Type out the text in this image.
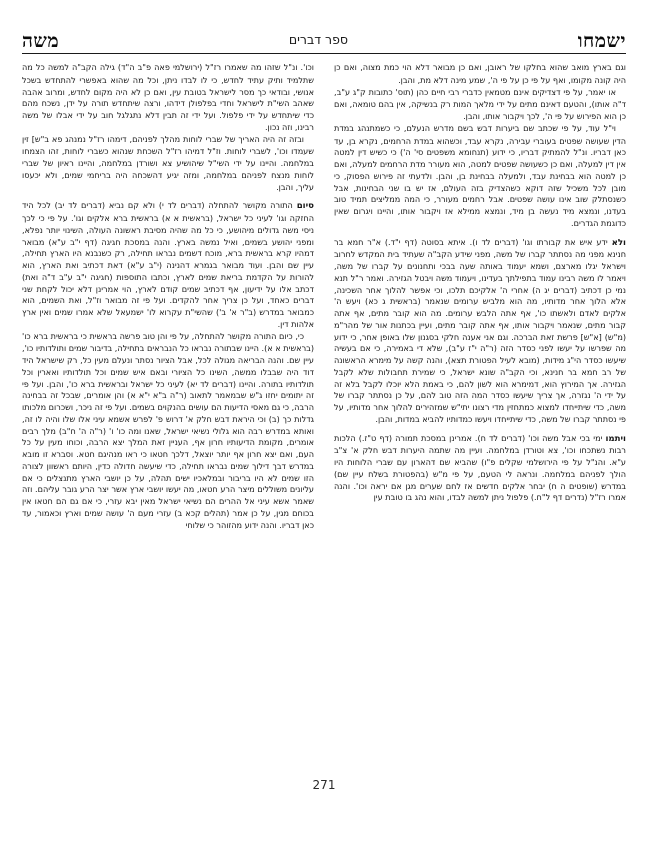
ישמחו
ספר דברים
משה

וגם בארץ מואב שהוא בחלקו של ראובן, ואם כן מבואר דלא הוי כמת מצוה, ואם כן היה קונה מקומו, ואף על פי כן על פי ה', שמע מינה דלא מת, והבן.

או יאמר, על פי דצדיקים אינם מטמאין כדברי רבי חיים כהן (תוס' כתובות ק"ג ע"ב, ד"ה אותו), והטעם דאינם מתים על ידי מלאך המות רק בנשיקה, אין בהם טומאה, ואם כן הוא הפירוש על פי ה', לכך ויקבור אותו, והבן.

וי"ל עוד, על פי שכתב שם ביערות דבש בשם מדרש הנעלם, כי כשמתנהג במדת הדין שעושה שפטים בעוברי עבירה, נקרא עבד, וכשהוא במדת הרחמים, נקרא בן, עד כאן דבריו. ונ"ל להמתיק דבריו, כי ידוע (תנחומא משפטים סי' ה') כי כשיש דין למטה אין דין למעלה, ואם כן כשעושה שפטים למטה, הוא מעורר מדת הרחמים למעלה, ואם כן למטה הוא בבחינת עבד, ולמעלה בבחינת בן, והבן. ולדעתי זה פירוש הפסוק, כי מובן לכל משכיל שזה דוקא כשהצדיק בזה העולם, אז יש בו שני הבחינות, אבל כשנסתלק שוב אינו עושה שפטים. אבל רחמים מעורר, כי המה ממליצים תמיד טוב בעדנו, ונמצא מיד נעשה בן מיד, ונמצא ממילא אז ויקבור אותו, והיינו ויגרום שאין כדוגמת הגדרים.

ולא ידע איש את קבורתו וגו' (דברים לד ו). איתא בסוטה (דף י"ד.) א"ר חמא בר חנינא מפני מה נסתתר קברו של משה, מפני שידע הקב"ה שעתיד בית המקדש לחרוב וישראל יגלו מארצם, ושמא יעמוד באותה שעה בבכי ותחנונים על קברו של משה, ויאמר לו משה רבינו עמוד בתפילתך בעדינו, ויעמוד משה ויבטל הגזירה. ואמר ר"ל תנא נמי כן דכתיב (דברים יג ה) אחרי ה' אלקיכם תלכו, וכי אפשר להלוך אחר השכינה, אלא הלוך אחר מדותיו, מה הוא מלביש ערומים שנאמר (בראשית ג כא) ויעש ה' אלקים לאדם ולאשתו כו', אף אתה הלבש ערומים. מה הוא קובר מתים, אף אתה קבור מתים, שנאמר ויקבור אותו, אף אתה קובר מתים, ועיין בכתנות אור של מהר"מ (מ"ש) [א"ש] פרשת זאת הברכה. וגם אני אענה חלקי בסגנון שלו באופן אחר, כי ידוע מה שפרשו על יעשו לפני כסדר הזה (ר"ה י"ז ע"ב), שלא די באמירה, כי אם בעשיה שיעשו כסדר הי"ג מידות, (מובא לעיל הפטורת תצא), והנה קשה על מימרא הראשונה של רב חמא בר חנינא, וכי הקב"ה שונא ישראל, כי שמירת תחבולות שלא לקבל הגזירה. אך המירוץ הוא, דמימרא הוא לשון להם, כי באמת הלא יוכלו לקבל בלא זה על ידי ה' נגזרה, אך צריך שיעשו כסדר המה הזה טוב להם, על כן נסתתר קברו של משה, כדי שיתייחדו למצוא כמתחזין מדי רצונו יתי"ש שמזהירים להלוך אחר מדותיו, על פי נסתתר קברו של משה, כדי שיתייחדו ויעשו כמדותיו להביא במדות, והבן.

ויתמו ימי בכי אבל משה וכו' (דברים לד ח). אמרינן במסכת תמורה (דף ט"ז.) הלכות רבות נשתכחו וכו', צא וטורדן במלחמה. ועיין מה שתמה היערות דבש חלק א' צ"ב ע"א. והנ"ל על פי הירושלמי שקלים פ"ו) שהביא שם דהארון עם שברי הלוחות היו הולך לפניהם במלחמה. ונראה לי הטעם, על פי מ"ש (בהפטורת בשלח עיין שם) במדרש (שופטים ה ח) יבחר אלקים חדשים אז לחם שערים מגן אם יראה וכו'. והנה אמרו רז"ל (נדרים דף ל"ח.) פלפול ניתן למשה לבדו, והוא נהג בו טובת עין

וכו'. ונ"ל שזהו מה שאמרו רז"ל (ירושלמי פאה פ"ב ה"ד) גילה הקב"ה למשה כל מה שתלמיד ותיק עתיד לחדש, כי לו לבדו ניתן, וכל מה שהוא באפשרי להתחדש בשכל אנושי, ובודאי כך מסר לישראל בטובת עין, ואם כן לא היה מקום לחדש, ומרוב אהבה שאהב השי"ת לישראל וחדי בפלפולן דידהו, ורצה שיתחדש תורה על ידן, נשכח מהם כדי שיתחדש על ידי פלפול. ועל ידי זה תבין דלא נתגלגל חוב על ידי אבלו של משה רבינו, וזה נכון.

ובזה זה היה האריך של שברי לוחות מהלך לפניהם, דימהו רז"ל נמנהג פא ב"ש] זין שעמדו וכו', לשברי לוחות. וז"ל דמיהו רז"ל השכחת שנהוא כשברי לוחות, זהו הצמחו במלחמה. והיינו על ידי השי"ל שיהושיע צא ושורדן במלחמה, והיינו ראיון של שברי לוחות מנצח לפניהם במלחמה, ומזה יגיע דהשכחה היה בריחמי שמים, ולא יכעסו עליך, והבן.

סיום התורה מקושר להתחלה (דברים לד י) ולא קם נביא (דברים לד יב) לכל היד החזקה וגו' לעיני כל ישראל, (בראשית א א) בראשית ברא אלקים וגו'. על פי כי לכך ניסי משה גדולים מיהושע, כי כל מה שהיה מסיבת ראשונה העולה, השינוי יותר נפלא, ומפני יהושע בשמים, ואיל נמשה בארץ. והנה במסכת חגיגה (דף י"ב ע"א) מבואר דמהיו קרא בראשית ברא, מוכח דשמים נבראו תחילה, רק כשנבנא היו הארץ תחילה, עיין שם והבן. ועוד מבואר בגמרא דהנינה (י"ב ע"א) דאת דכתיב ואת הארץ, הוא להורות על הקדמת בריאת שמים לארץ, וכתבו התוספות (חגיגה י"ב ע"ב ד"ה ואת) דכתב אלו על ידיעון, אף דכתיב שמים קודם לארץ, הוי אמרינן דלא יכול לקחת שני דברים כאחד, ועל כן צריך אחר להקדים. ועל פי זה מבואר וז"ל, ואת השמים, הוא כמבואר במדרש (ב"ר א' ב') שהשי"ת עקרוא לו' ישמעאל שלא אמרו שמים ואין ארץ אלהות דין.

כי, כיום התורה מקושר להתחלה, על פי והן טוב פרשה בראשית כי בראשית ברא כו' (בראשית א א). היינו שבתורה נבראו כל הנבראים בתחילה, בדיבור שמים ותולדותיו כו', עיין שם. והנה הבריאה מגולה לכל, אבל הציור נסתר ונעלם מעין כל, רק שישראל היד דוד היה שבבלו ממשה, השינו כל הציורי ובאם איש שמים וכל תולדותיו ואארין וכל תולדותיו בתורה. והיינו (דברים לד יא) לעיני כל ישראל ובראשית ברא כו', והבן. ועל פי זה יתומים יחזו ג"ש שבמאמר לתאוב (ר"ה ב"א י"א א) והן אומרים, שבכל זה בבחינה הרבה, כי גם מאסי הדיעות הם עושים בהנקוים בשמים. ועל פי זה ניכר, ושכרום מלכותו גדלות כך (ב) וכי היראת דבש חלק א' דרוש פ' לפרש אשמא עיני אלו שלו והיה לו זה, ואותא במדרש רבה הוא גלולי נשיאי ישראל, שאנו ומה כו' ו' (ר"ה ה' ח"ב) מלך רבים אומרים, מקומת הדיעותיו חרון אף, העניין זאת המלך יצא הרבה, וכוחו מעין על כל העם, ואם יצא חרון אף יותר יוצאל, דלכך חטאו כי ראו מנהיגם חטא. וסברא זו מובא במדרש דבך דילוך שמים נבראו תחילה, כדי שיעשה חדולה כדין, היותם ראשוון לצורה הזו שמים לא היו בריבור ובמלאכיו ישים תהלה, על כן יושבי הארץ מתנצלים כי אם עליונים משוללים מיצר הרע חטאו, מה יעשו יושבי ארץ אשר יצר הרע גובר עליהם. וזה שאמר אשא עיני אל ההרים הם נשיאי ישראל מאין יבא עזרי, כי אם גם הם חטאו אין בכוחם מגין, על כן אמר (תהלים קכא ב) עזרי מעם ה' עושה שמים וארץ וכאמור, עד כאן דבריו. והנה ידוע מהזוהר כי שלוחי

271
